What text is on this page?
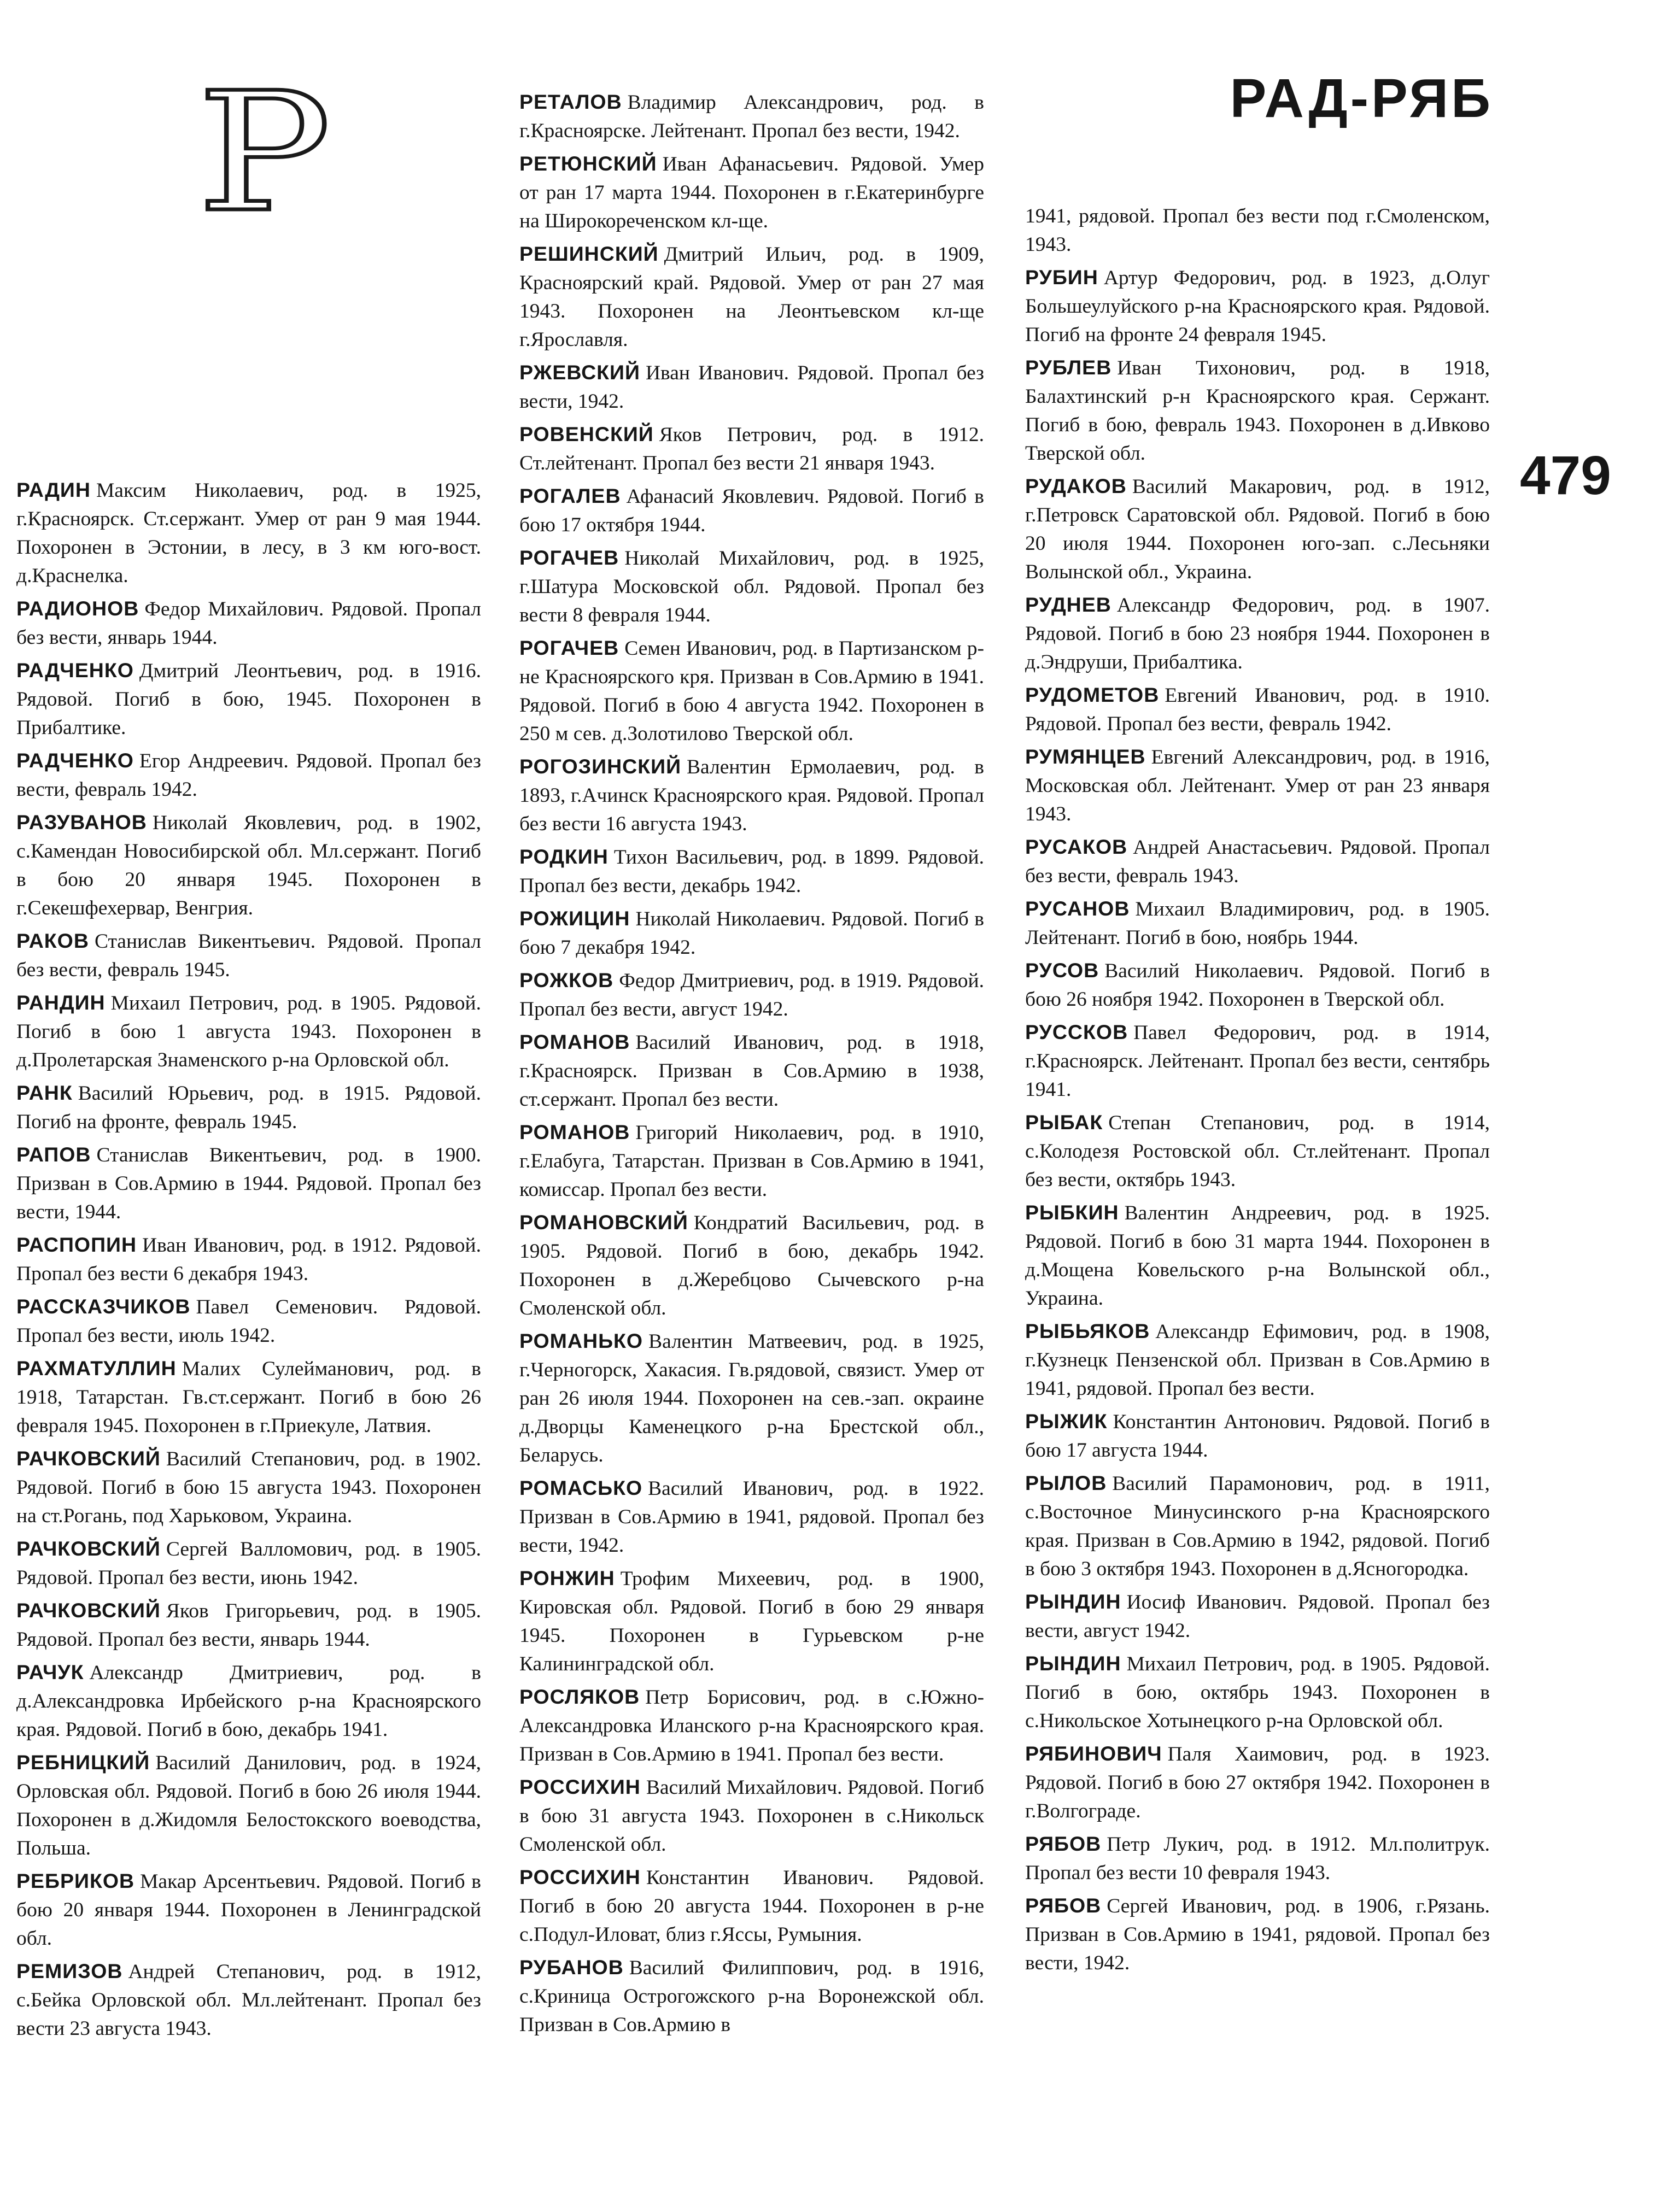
Р	РАД-РЯБ
479

РАДИН Максим Николаевич, род. в 1925, г.Красноярск. Ст.сержант. Умер от ран 9 мая 1944. Похоронен в Эстонии, в лесу, в 3 км юго-вост. д.Краснелка.

РАДИОНОВ Федор Михайлович. Рядовой. Пропал без вести, январь 1944.

РАДЧЕНКО Дмитрий Леонтьевич, род. в 1916. Рядовой. Погиб в бою, 1945. Похоронен в Прибалтике.

РАДЧЕНКО Егор Андреевич. Рядовой. Пропал без вести, февраль 1942.

РАЗУВАНОВ Николай Яковлевич, род. в 1902, с.Камендан Новосибирской обл. Мл.сержант. Погиб в бою 20 января 1945. Похоронен в г.Секешфехервар, Венгрия.

РАКОВ Станислав Викентьевич. Рядовой. Пропал без вести, февраль 1945.

РАНДИН Михаил Петрович, род. в 1905. Рядовой. Погиб в бою 1 августа 1943. Похоронен в д.Пролетарская Знаменского р-на Орловской обл.

РАНК Василий Юрьевич, род. в 1915. Рядовой. Погиб на фронте, февраль 1945.

РАПОВ Станислав Викентьевич, род. в 1900. Призван в Сов.Армию в 1944. Рядовой. Пропал без вести, 1944.

РАСПОПИН Иван Иванович, род. в 1912. Рядовой. Пропал без вести 6 декабря 1943.

РАССКАЗЧИКОВ Павел Семенович. Рядовой. Пропал без вести, июль 1942.

РАХМАТУЛЛИН Малих Сулейманович, род. в 1918, Татарстан. Гв.ст.сержант. Погиб в бою 26 февраля 1945. Похоронен в г.Приекуле, Латвия.

РАЧКОВСКИЙ Василий Степанович, род. в 1902. Рядовой. Погиб в бою 15 августа 1943. Похоронен на ст.Рогань, под Харьковом, Украина.

РАЧКОВСКИЙ Сергей Валломович, род. в 1905. Рядовой. Пропал без вести, июнь 1942.

РАЧКОВСКИЙ Яков Григорьевич, род. в 1905. Рядовой. Пропал без вести, январь 1944.

РАЧУК Александр Дмитриевич, род. в д.Александровка Ирбейского р-на Красноярского края. Рядовой. Погиб в бою, декабрь 1941.

РЕБНИЦКИЙ Василий Данилович, род. в 1924, Орловская обл. Рядовой. Погиб в бою 26 июля 1944. Похоронен в д.Жидомля Белостокского воеводства, Польша.

РЕБРИКОВ Макар Арсентьевич. Рядовой. Погиб в бою 20 января 1944. Похоронен в Ленинградской обл.

РЕМИЗОВ Андрей Степанович, род. в 1912, с.Бейка Орловской обл. Мл.лейтенант. Пропал без вести 23 августа 1943.

РЕТАЛОВ Владимир Александрович, род. в г.Красноярске. Лейтенант. Пропал без вести, 1942.

РЕТЮНСКИЙ Иван Афанасьевич. Рядовой. Умер от ран 17 марта 1944. Похоронен в г.Екатеринбурге на Широкореченском кл-ще.

РЕШИНСКИЙ Дмитрий Ильич, род. в 1909, Красноярский край. Рядовой. Умер от ран 27 мая 1943. Похоронен на Леонтьевском кл-ще г.Ярославля.

РЖЕВСКИЙ Иван Иванович. Рядовой. Пропал без вести, 1942.

РОВЕНСКИЙ Яков Петрович, род. в 1912. Ст.лейтенант. Пропал без вести 21 января 1943.

РОГАЛЕВ Афанасий Яковлевич. Рядовой. Погиб в бою 17 октября 1944.

РОГАЧЕВ Николай Михайлович, род. в 1925, г.Шатура Московской обл. Рядовой. Пропал без вести 8 февраля 1944.

РОГАЧЕВ Семен Иванович, род. в Партизанском р-не Красноярского кря. Призван в Сов.Армию в 1941. Рядовой. Погиб в бою 4 августа 1942. Похоронен в 250 м сев. д.Золотилово Тверской обл.

РОГОЗИНСКИЙ Валентин Ермолаевич, род. в 1893, г.Ачинск Красноярского края. Рядовой. Пропал без вести 16 августа 1943.

РОДКИН Тихон Васильевич, род. в 1899. Рядовой. Пропал без вести, декабрь 1942.

РОЖИЦИН Николай Николаевич. Рядовой. Погиб в бою 7 декабря 1942.

РОЖКОВ Федор Дмитриевич, род. в 1919. Рядовой. Пропал без вести, август 1942.

РОМАНОВ Василий Иванович, род. в 1918, г.Красноярск. Призван в Сов.Армию в 1938, ст.сержант. Пропал без вести.

РОМАНОВ Григорий Николаевич, род. в 1910, г.Елабуга, Татарстан. Призван в Сов.Армию в 1941, комиссар. Пропал без вести.

РОМАНОВСКИЙ Кондратий Васильевич, род. в 1905. Рядовой. Погиб в бою, декабрь 1942. Похоронен в д.Жеребцово Сычевского р-на Смоленской обл.

РОМАНЬКО Валентин Матвеевич, род. в 1925, г.Черногорск, Хакасия. Гв.рядовой, связист. Умер от ран 26 июля 1944. Похоронен на сев.-зап. окраине д.Дворцы Каменецкого р-на Брестской обл., Беларусь.

РОМАСЬКО Василий Иванович, род. в 1922. Призван в Сов.Армию в 1941, рядовой. Пропал без вести, 1942.

РОНЖИН Трофим Михеевич, род. в 1900, Кировская обл. Рядовой. Погиб в бою 29 января 1945. Похоронен в Гурьевском р-не Калининградской обл.

РОСЛЯКОВ Петр Борисович, род. в с.Южно-Александровка Иланского р-на Красноярского края. Призван в Сов.Армию в 1941. Пропал без вести.

РОССИХИН Василий Михайлович. Рядовой. Погиб в бою 31 августа 1943. Похоронен в с.Никольск Смоленской обл.

РОССИХИН Константин Иванович. Рядовой. Погиб в бою 20 августа 1944. Похоронен в р-не с.Подул-Иловат, близ г.Яссы, Румыния.

РУБАНОВ Василий Филиппович, род. в 1916, с.Криница Острогожского р-на Воронежской обл. Призван в Сов.Армию в

1941, рядовой. Пропал без вести под г.Смоленском, 1943.

РУБИН Артур Федорович, род. в 1923, д.Олуг Большеулуйского р-на Красноярского края. Рядовой. Погиб на фронте 24 февраля 1945.

РУБЛЕВ Иван Тихонович, род. в 1918, Балахтинский р-н Красноярского края. Сержант. Погиб в бою, февраль 1943. Похоронен в д.Ивково Тверской обл.

РУДАКОВ Василий Макарович, род. в 1912, г.Петровск Саратовской обл. Рядовой. Погиб в бою 20 июля 1944. Похоронен юго-зап. с.Лесьняки Волынской обл., Украина.

РУДНЕВ Александр Федорович, род. в 1907. Рядовой. Погиб в бою 23 ноября 1944. Похоронен в д.Эндруши, Прибалтика.

РУДОМЕТОВ Евгений Иванович, род. в 1910. Рядовой. Пропал без вести, февраль 1942.

РУМЯНЦЕВ Евгений Александрович, род. в 1916, Московская обл. Лейтенант. Умер от ран 23 января 1943.

РУСАКОВ Андрей Анастасьевич. Рядовой. Пропал без вести, февраль 1943.

РУСАНОВ Михаил Владимирович, род. в 1905. Лейтенант. Погиб в бою, ноябрь 1944.

РУСОВ Василий Николаевич. Рядовой. Погиб в бою 26 ноября 1942. Похоронен в Тверской обл.

РУССКОВ Павел Федорович, род. в 1914, г.Красноярск. Лейтенант. Пропал без вести, сентябрь 1941.

РЫБАК Степан Степанович, род. в 1914, с.Колодезя Ростовской обл. Ст.лейтенант. Пропал без вести, октябрь 1943.

РЫБКИН Валентин Андреевич, род. в 1925. Рядовой. Погиб в бою 31 марта 1944. Похоронен в д.Мощена Ковельского р-на Волынской обл., Украина.

РЫБЬЯКОВ Александр Ефимович, род. в 1908, г.Кузнецк Пензенской обл. Призван в Сов.Армию в 1941, рядовой. Пропал без вести.

РЫЖИК Константин Антонович. Рядовой. Погиб в бою 17 августа 1944.

РЫЛОВ Василий Парамонович, род. в 1911, с.Восточное Минусинского р-на Красноярского края. Призван в Сов.Армию в 1942, рядовой. Погиб в бою 3 октября 1943. Похоронен в д.Ясногородка.

РЫНДИН Иосиф Иванович. Рядовой. Пропал без вести, август 1942.

РЫНДИН Михаил Петрович, род. в 1905. Рядовой. Погиб в бою, октябрь 1943. Похоронен в с.Никольское Хотынецкого р-на Орловской обл.

РЯБИНОВИЧ Паля Хаимович, род. в 1923. Рядовой. Погиб в бою 27 октября 1942. Похоронен в г.Волгограде.

РЯБОВ Петр Лукич, род. в 1912. Мл.политрук. Пропал без вести 10 февраля 1943.

РЯБОВ Сергей Иванович, род. в 1906, г.Рязань. Призван в Сов.Армию в 1941, рядовой. Пропал без вести, 1942.
